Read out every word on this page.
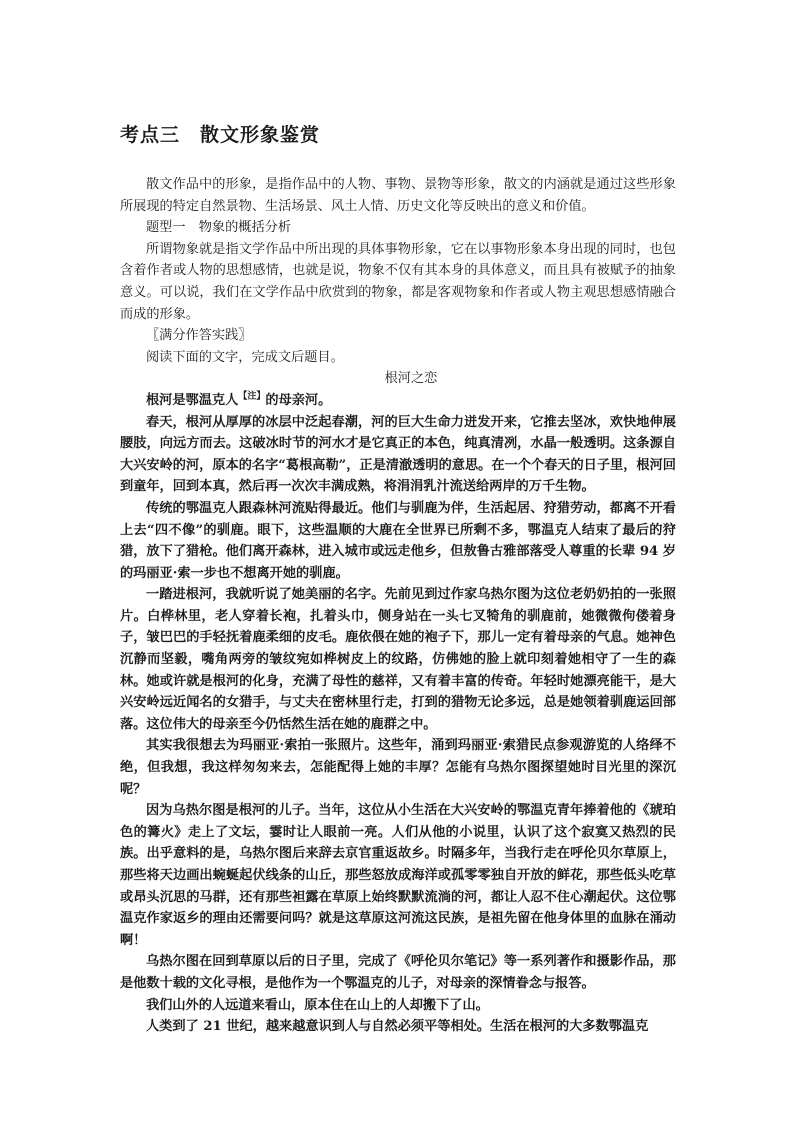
考点三　散文形象鉴赏

散文作品中的形象，是指作品中的人物、事物、景物等形象，散文的内涵就是通过这些形象所展现的特定自然景物、生活场景、风土人情、历史文化等反映出的意义和价值。

题型一　物象的概括分析

所谓物象就是指文学作品中所出现的具体事物形象，它在以事物形象本身出现的同时，也包含着作者或人物的思想感情，也就是说，物象不仅有其本身的具体意义，而且具有被赋予的抽象意义。可以说，我们在文学作品中欣赏到的物象，都是客观物象和作者或人物主观思想感情融合而成的形象。

〖满分作答实践〗

阅读下面的文字，完成文后题目。

根河之恋

根河是鄂温克人$^{【注】}$的母亲河。

春天，根河从厚厚的冰层中泛起春潮，河的巨大生命力迸发开来，它推去坚冰，欢快地伸展腰肢，向远方而去。这破冰时节的河水才是它真正的本色，纯真清冽，水晶一般透明。这条源自大兴安岭的河，原本的名字“葛根高勒”，正是清澈透明的意思。在一个个春天的日子里，根河回到童年，回到本真，然后再一次次丰满成熟，将涓涓乳汁流送给两岸的万千生物。

传统的鄂温克人跟森林河流贴得最近。他们与驯鹿为伴，生活起居、狩猎劳动，都离不开看上去“四不像”的驯鹿。眼下，这些温顺的大鹿在全世界已所剩不多，鄂温克人结束了最后的狩猎，放下了猎枪。他们离开森林，进入城市或远走他乡，但敖鲁古雅部落受人尊重的长辈 94 岁的玛丽亚·索一步也不想离开她的驯鹿。

一踏进根河，我就听说了她美丽的名字。先前见到过作家乌热尔图为这位老奶奶拍的一张照片。白桦林里，老人穿着长袍，扎着头巾，侧身站在一头七叉犄角的驯鹿前，她微微佝偻着身子，皱巴巴的手轻抚着鹿柔细的皮毛。鹿依偎在她的袍子下，那儿一定有着母亲的气息。她神色沉静而坚毅，嘴角两旁的皱纹宛如桦树皮上的纹路，仿佛她的脸上就印刻着她相守了一生的森林。她或许就是根河的化身，充满了母性的慈祥，又有着丰富的传奇。年轻时她漂亮能干，是大兴安岭远近闻名的女猎手，与丈夫在密林里行走，打到的猎物无论多远，总是她领着驯鹿运回部落。这位伟大的母亲至今仍恬然生活在她的鹿群之中。

其实我很想去为玛丽亚·索拍一张照片。这些年，涌到玛丽亚·索猎民点参观游览的人络绎不绝，但我想，我这样匆匆来去，怎能配得上她的丰厚？怎能有乌热尔图探望她时目光里的深沉呢？

因为乌热尔图是根河的儿子。当年，这位从小生活在大兴安岭的鄂温克青年捧着他的《琥珀色的篝火》走上了文坛，霎时让人眼前一亮。人们从他的小说里，认识了这个寂寞又热烈的民族。出乎意料的是，乌热尔图后来辞去京官重返故乡。时隔多年，当我行走在呼伦贝尔草原上，那些将天边画出蜿蜒起伏线条的山丘，那些怒放成海洋或孤零零独自开放的鲜花，那些低头吃草或昂头沉思的马群，还有那些袒露在草原上始终默默流淌的河，都让人忍不住心潮起伏。这位鄂温克作家返乡的理由还需要问吗？就是这草原这河流这民族，是祖先留在他身体里的血脉在涌动啊！

乌热尔图在回到草原以后的日子里，完成了《呼伦贝尔笔记》等一系列著作和摄影作品，那是他数十载的文化寻根，是他作为一个鄂温克的儿子，对母亲的深情眷念与报答。

我们山外的人远道来看山，原本住在山上的人却搬下了山。

人类到了 21 世纪，越来越意识到人与自然必须平等相处。生活在根河的大多数鄂温克
